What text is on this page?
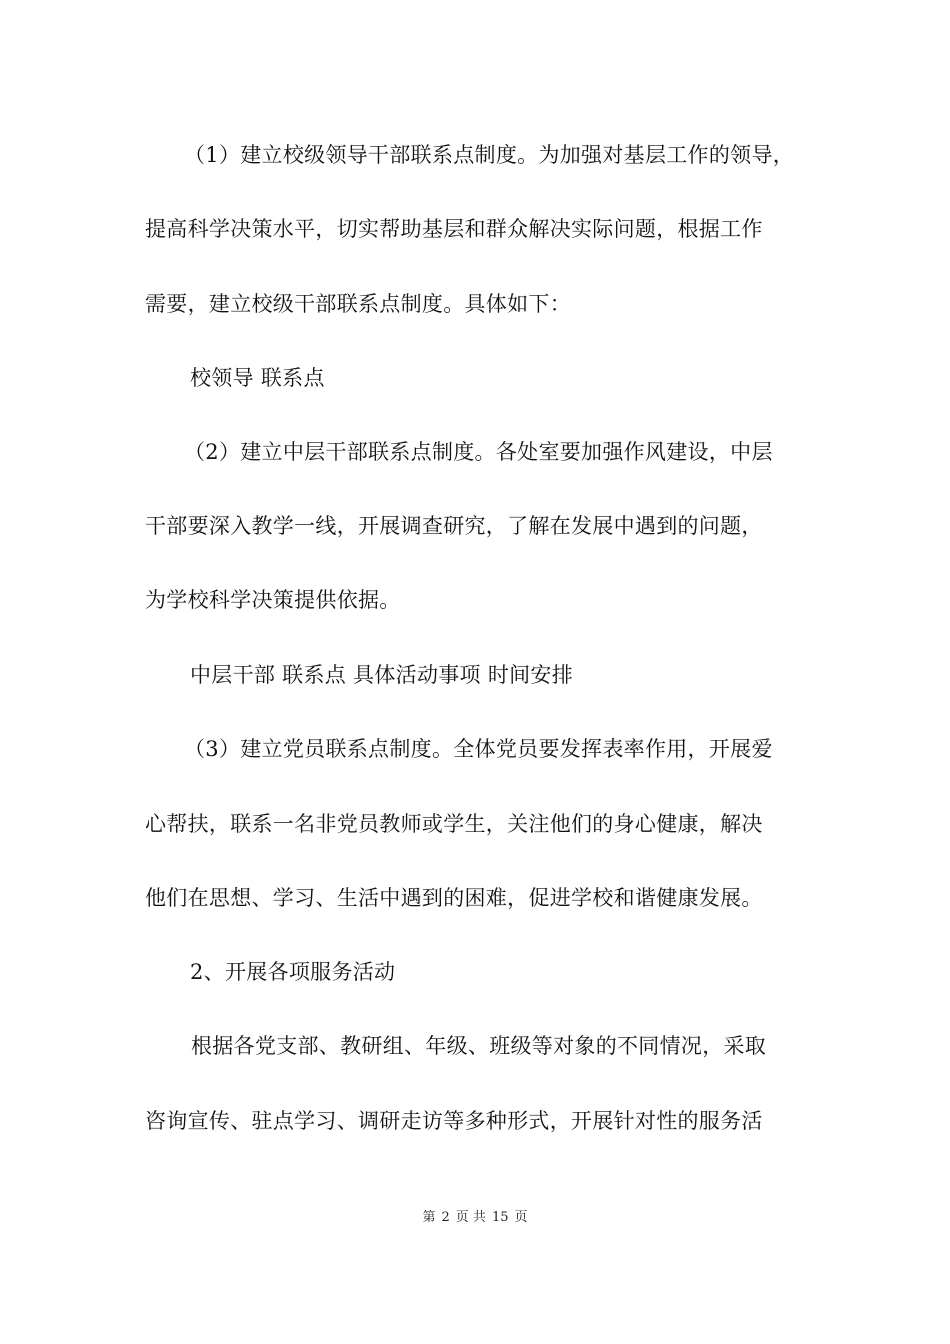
（1）建立校级领导干部联系点制度。为加强对基层工作的领导，
提高科学决策水平，切实帮助基层和群众解决实际问题，根据工作
需要，建立校级干部联系点制度。具体如下：
校领导 联系点
（2）建立中层干部联系点制度。各处室要加强作风建设，中层
干部要深入教学一线，开展调查研究，了解在发展中遇到的问题，
为学校科学决策提供依据。
中层干部 联系点 具体活动事项 时间安排
（3）建立党员联系点制度。全体党员要发挥表率作用，开展爱
心帮扶，联系一名非党员教师或学生，关注他们的身心健康，解决
他们在思想、学习、生活中遇到的困难，促进学校和谐健康发展。
2、开展各项服务活动
根据各党支部、教研组、年级、班级等对象的不同情况，采取
咨询宣传、驻点学习、调研走访等多种形式，开展针对性的服务活
第 2 页 共 15 页
